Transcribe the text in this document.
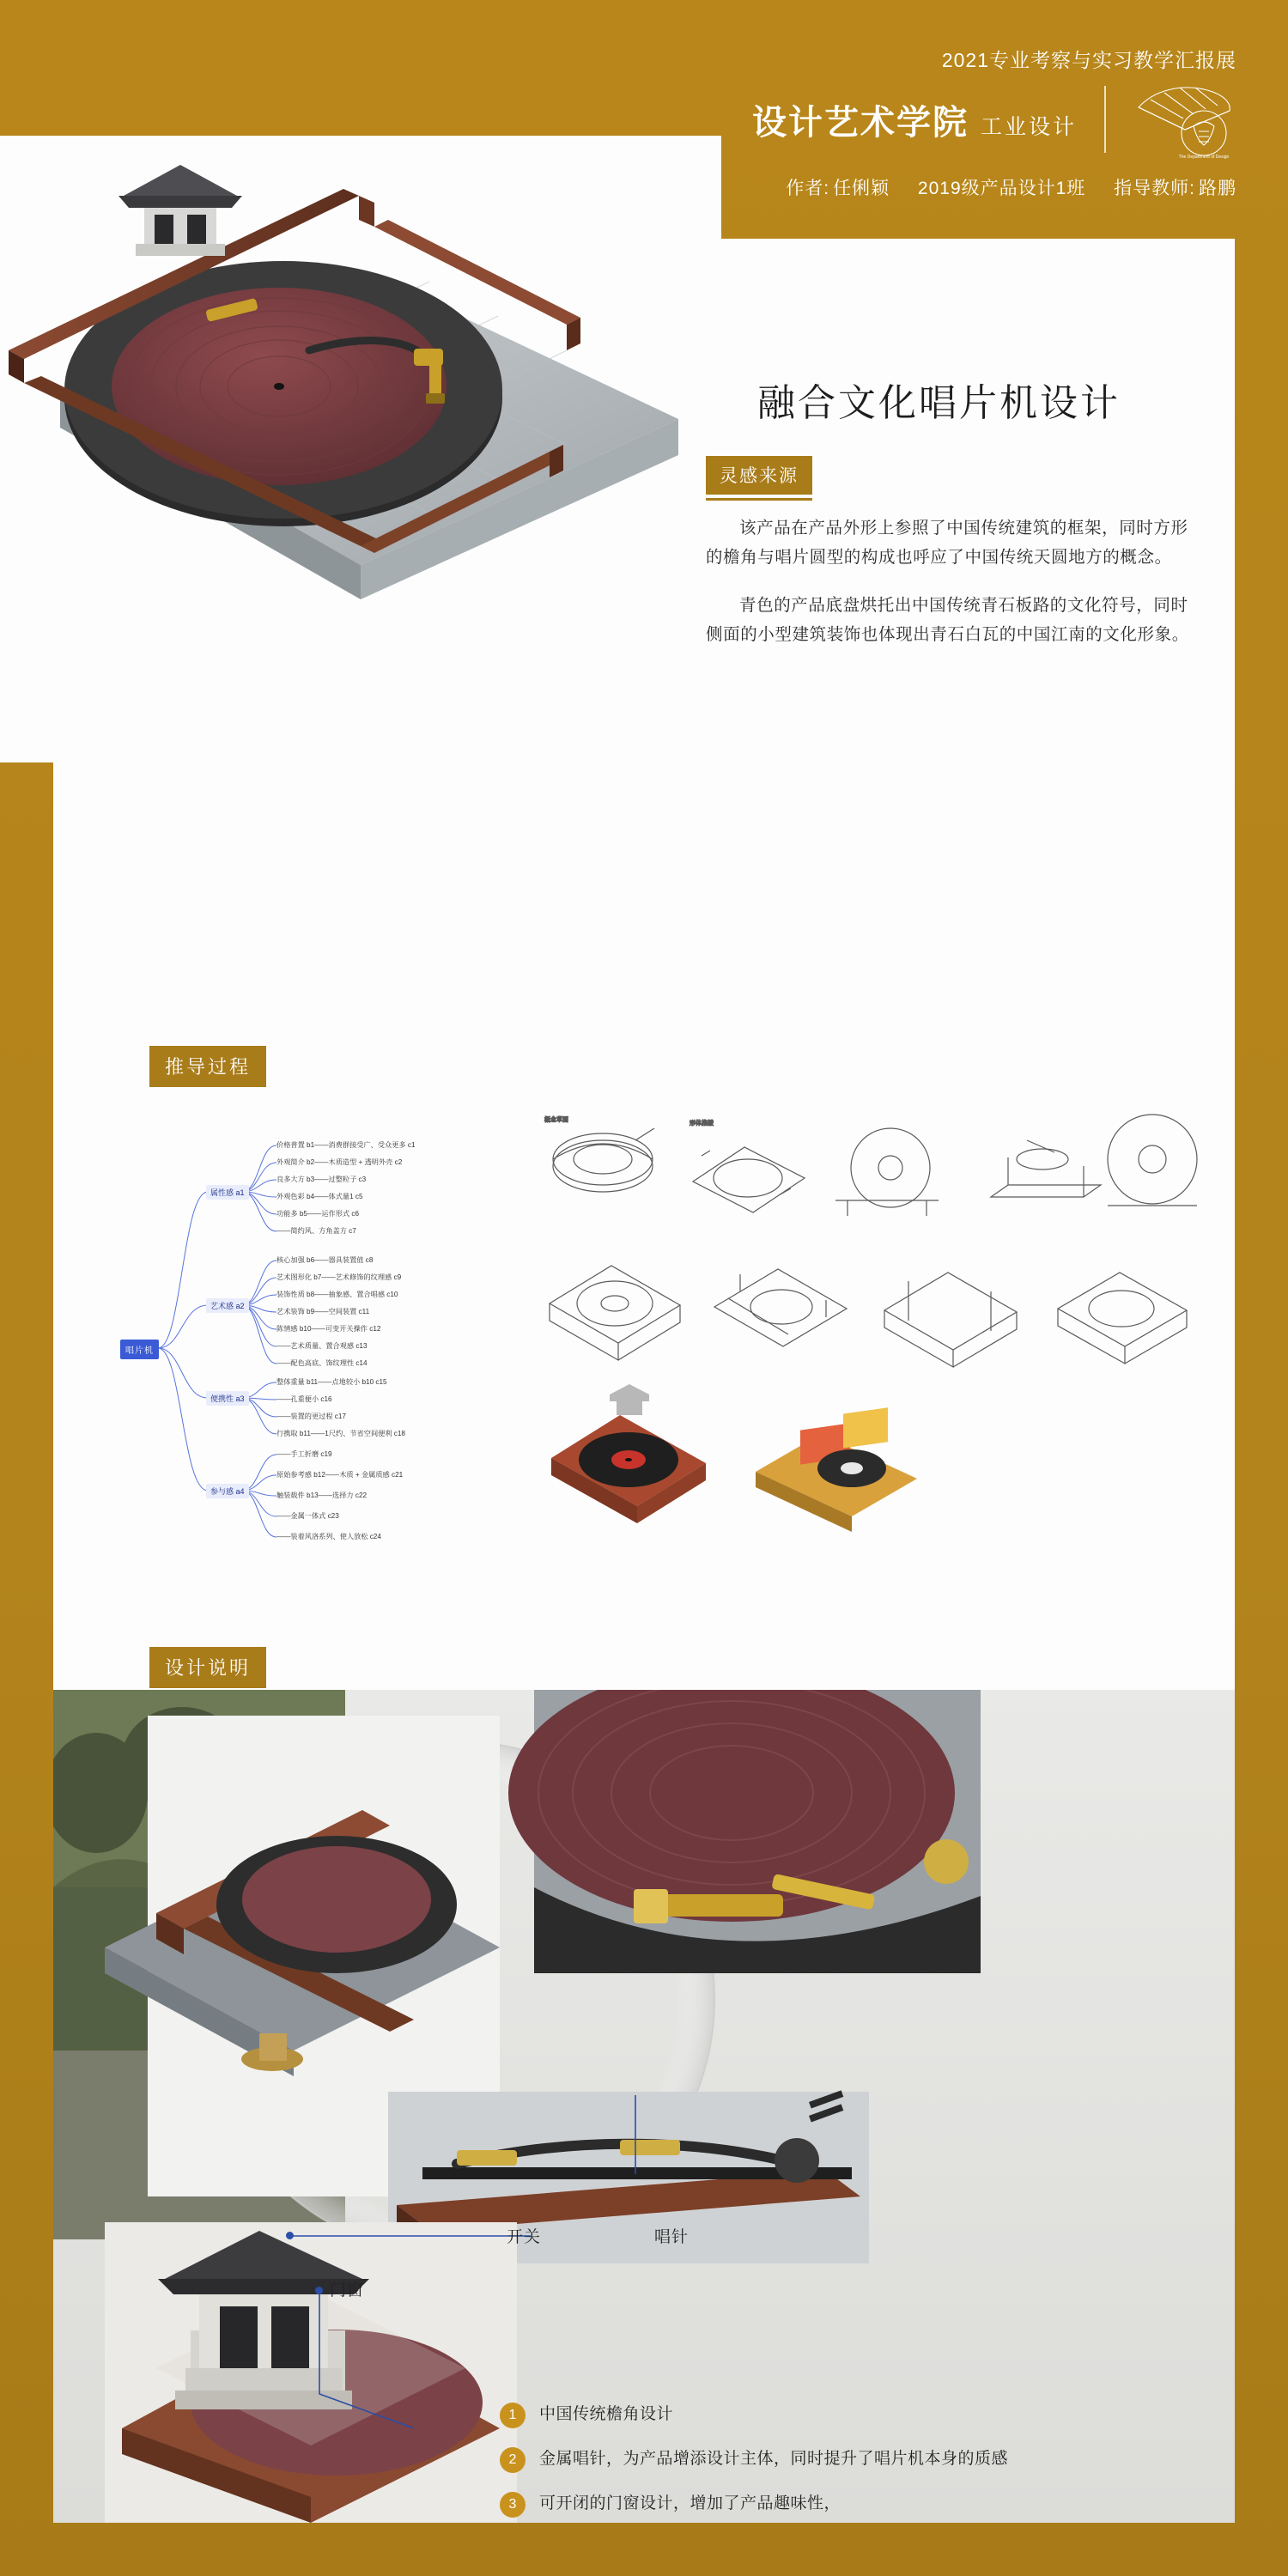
2021专业考察与实习教学汇报展
设计艺术学院 工业设计
The Department of Design
作者: 任俐颖 2019级产品设计1班 指导教师: 路鹏
融合文化唱片机设计
灵感来源

该产品在产品外形上参照了中国传统建筑的框架，同时方形的檐角与唱片圆型的构成也呼应了中国传统天圆地方的概念。

青色的产品底盘烘托出中国传统青石板路的文化符号，同时侧面的小型建筑装饰也体现出青石白瓦的中国江南的文化形象。

推导过程
设计说明
唱片机
属性感 a1
艺术感 a2
便携性 a3
参与感 a4
价格普置 b1——消费群接受广、受众更多 c1
外观简介 b2——木质造型 + 透明外壳 c2
良多大方 b3——过整粒子 c3
外观色彩 b4——体式量1 c5
功能多 b5——运作形式 c6
——简约风、方角盖方 c7
核心加强 b6——器具装置值 c8
艺术图形化 b7——艺术修饰的纹理感 c9
装饰性质 b8——抽象感、置合唱感 c10
艺术装饰 b9——空间装置 c11
陈情感 b10——可变开关操作 c12
——艺术质量、置合观感 c13
——配色高底、饰纹理性 c14
整体重量 b11——点地较小 b10 c15
——孔重便小 c16
——装置的更过程 c17
行携取 b11——1尺约、节省空间便利 c18
——手工折磨 c19
原始参考感 b12——木质 + 金属质感 c21
触装载件 b13——选择力 c22
——金属一体式 c23
——装着风洛系列、使人放松 c24
概念草图
形体推敲
开关	唱针
门窗
1	中国传统檐角设计
2	金属唱针，为产品增添设计主体，同时提升了唱片机本身的质感
3	可开闭的门窗设计，增加了产品趣味性，
